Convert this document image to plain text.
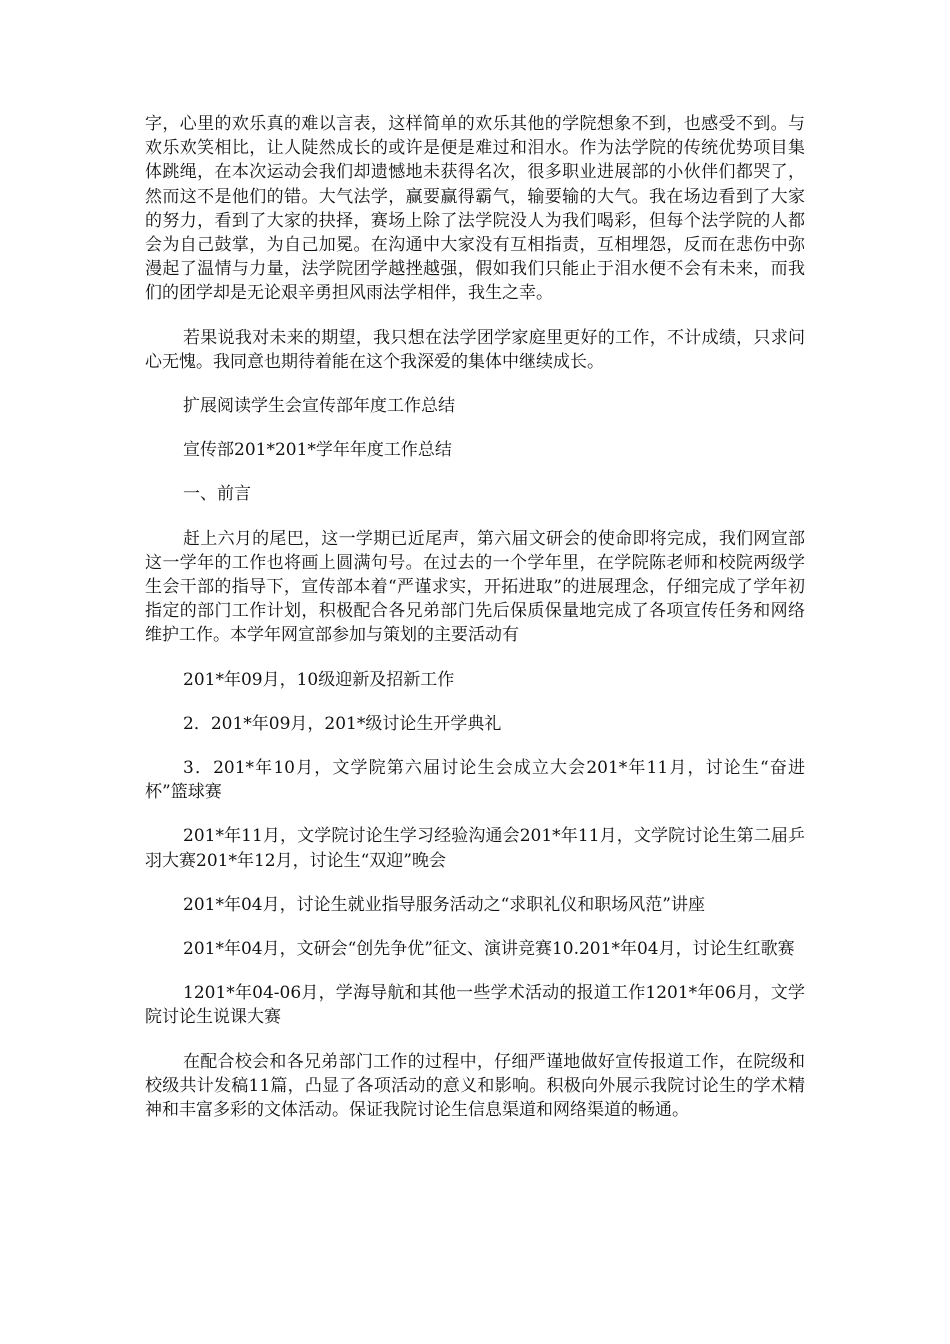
字，心里的欢乐真的难以言表，这样简单的欢乐其他的学院想象不到，也感受不到。与欢乐欢笑相比，让人陡然成长的或许是便是难过和泪水。作为法学院的传统优势项目集体跳绳，在本次运动会我们却遗憾地未获得名次，很多职业进展部的小伙伴们都哭了，然而这不是他们的错。大气法学，赢要赢得霸气，输要输的大气。我在场边看到了大家的努力，看到了大家的抉择，赛场上除了法学院没人为我们喝彩，但每个法学院的人都会为自己鼓掌，为自己加冕。在沟通中大家没有互相指责，互相埋怨，反而在悲伤中弥漫起了温情与力量，法学院团学越挫越强，假如我们只能止于泪水便不会有未来，而我们的团学却是无论艰辛勇担风雨法学相伴，我生之幸。

若果说我对未来的期望，我只想在法学团学家庭里更好的工作，不计成绩，只求问心无愧。我同意也期待着能在这个我深爱的集体中继续成长。

扩展阅读学生会宣传部年度工作总结

宣传部201*201*学年年度工作总结

一、前言

赶上六月的尾巴，这一学期已近尾声，第六届文研会的使命即将完成，我们网宣部这一学年的工作也将画上圆满句号。在过去的一个学年里，在学院陈老师和校院两级学生会干部的指导下，宣传部本着“严谨求实，开拓进取”的进展理念，仔细完成了学年初指定的部门工作计划，积极配合各兄弟部门先后保质保量地完成了各项宣传任务和网络维护工作。本学年网宣部参加与策划的主要活动有

201*年09月，10级迎新及招新工作

2．201*年09月，201*级讨论生开学典礼

3．201*年10月，文学院第六届讨论生会成立大会201*年11月，讨论生“奋进杯”篮球赛

201*年11月，文学院讨论生学习经验沟通会201*年11月，文学院讨论生第二届乒羽大赛201*年12月，讨论生“双迎”晚会

201*年04月，讨论生就业指导服务活动之“求职礼仪和职场风范”讲座

201*年04月，文研会“创先争优”征文、演讲竞赛10.201*年04月，讨论生红歌赛

1201*年04-06月，学海导航和其他一些学术活动的报道工作1201*年06月，文学院讨论生说课大赛

在配合校会和各兄弟部门工作的过程中，仔细严谨地做好宣传报道工作，在院级和校级共计发稿11篇，凸显了各项活动的意义和影响。积极向外展示我院讨论生的学术精神和丰富多彩的文体活动。保证我院讨论生信息渠道和网络渠道的畅通。
